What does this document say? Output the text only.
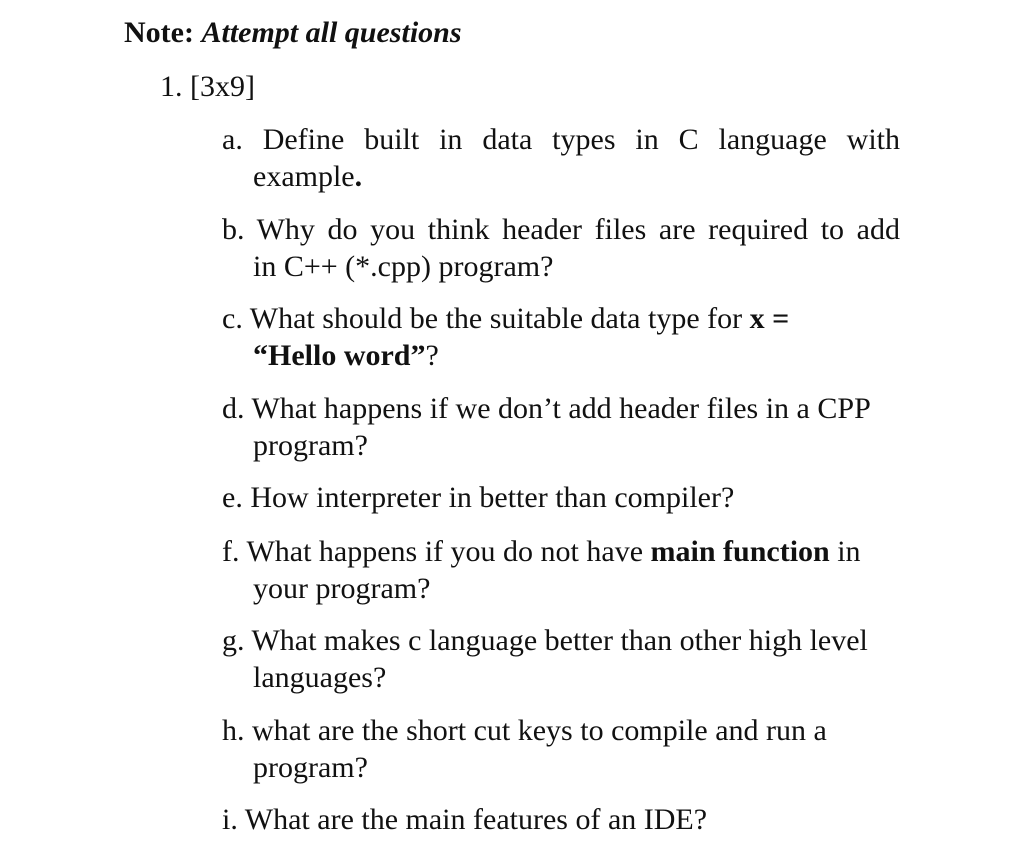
Note: Attempt all questions
1. [3x9]
a. Define built in data types in C language with
example.
b. Why do you think header files are required to add
in C++ (*.cpp) program?
c. What should be the suitable data type for x =
“Hello word”?
d. What happens if we don’t add header files in a CPP
program?
e. How interpreter in better than compiler?
f. What happens if you do not have main function in
your program?
g. What makes c language better than other high level
languages?
h. what are the short cut keys to compile and run a
program?
i. What are the main features of an IDE?
